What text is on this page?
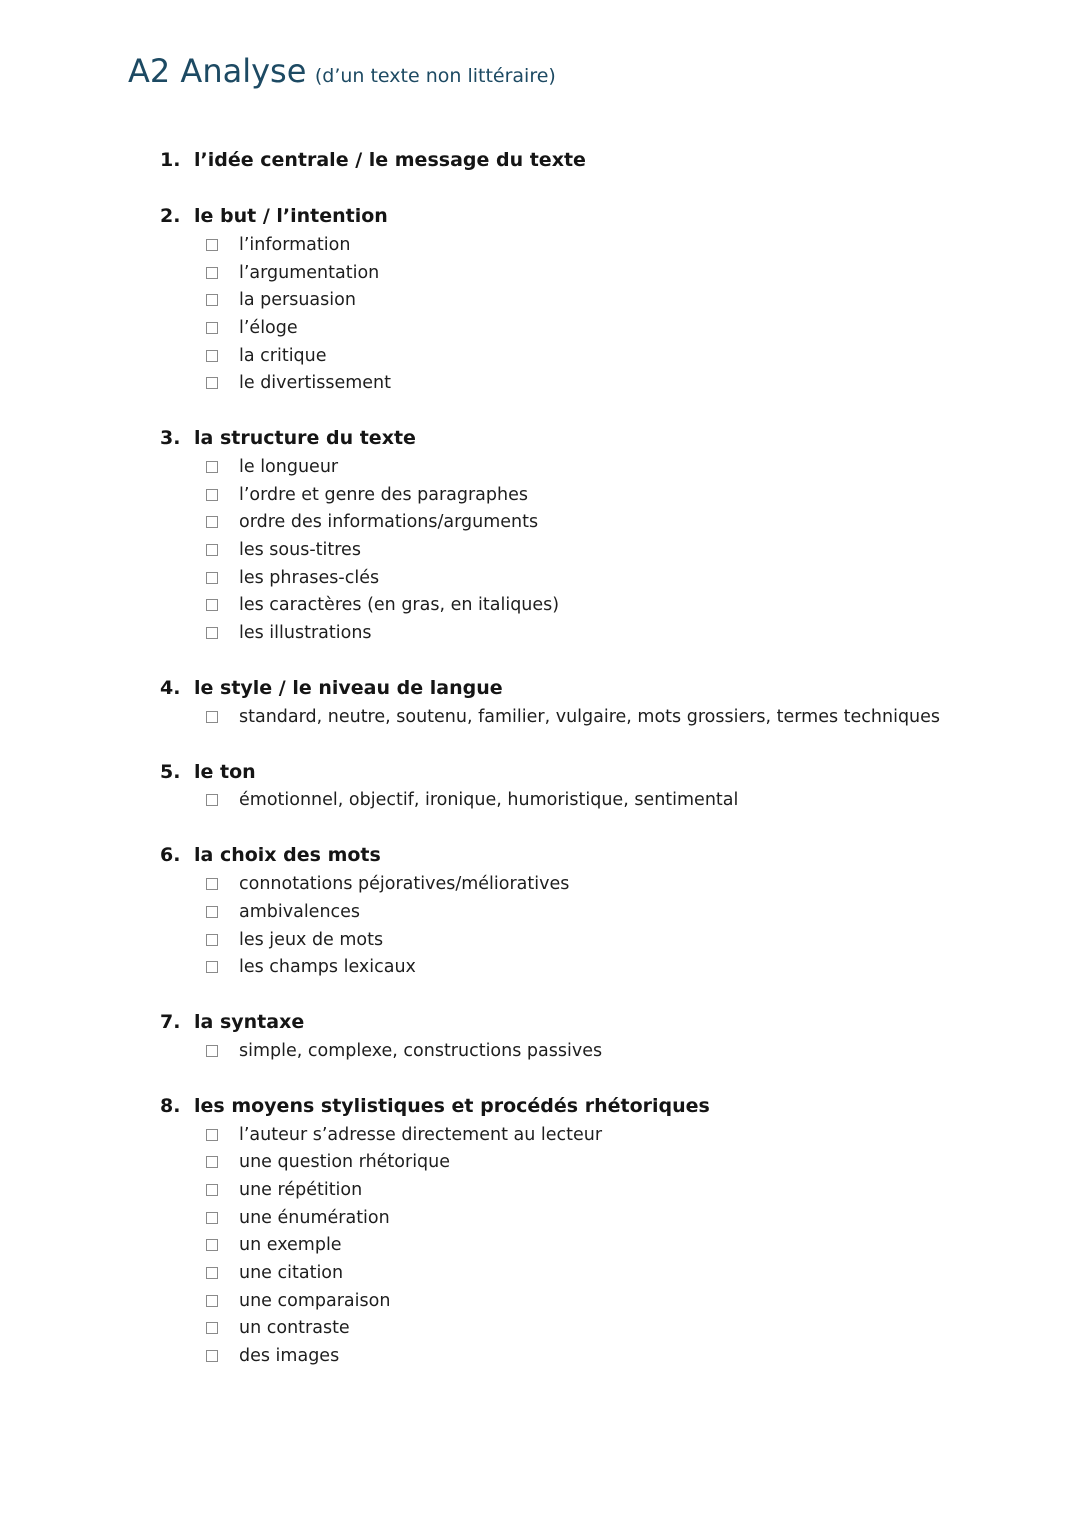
A2 Analyse (d’un texte non littéraire)
1. l’idée centrale / le message du texte
2. le but / l’intention
l’information
l’argumentation
la persuasion
l’éloge
la critique
le divertissement
3. la structure du texte
le longueur
l’ordre et genre des paragraphes
ordre des informations/arguments
les sous-titres
les phrases-clés
les caractères (en gras, en italiques)
les illustrations
4. le style / le niveau de langue
standard, neutre, soutenu, familier, vulgaire, mots grossiers, termes techniques
5. le ton
émotionnel, objectif, ironique, humoristique, sentimental
6. la choix des mots
connotations péjoratives/mélioratives
ambivalences
les jeux de mots
les champs lexicaux
7. la syntaxe
simple, complexe, constructions passives
8. les moyens stylistiques et procédés rhétoriques
l’auteur s’adresse directement au lecteur
une question rhétorique
une répétition
une énumération
un exemple
une citation
une comparaison
un contraste
des images
